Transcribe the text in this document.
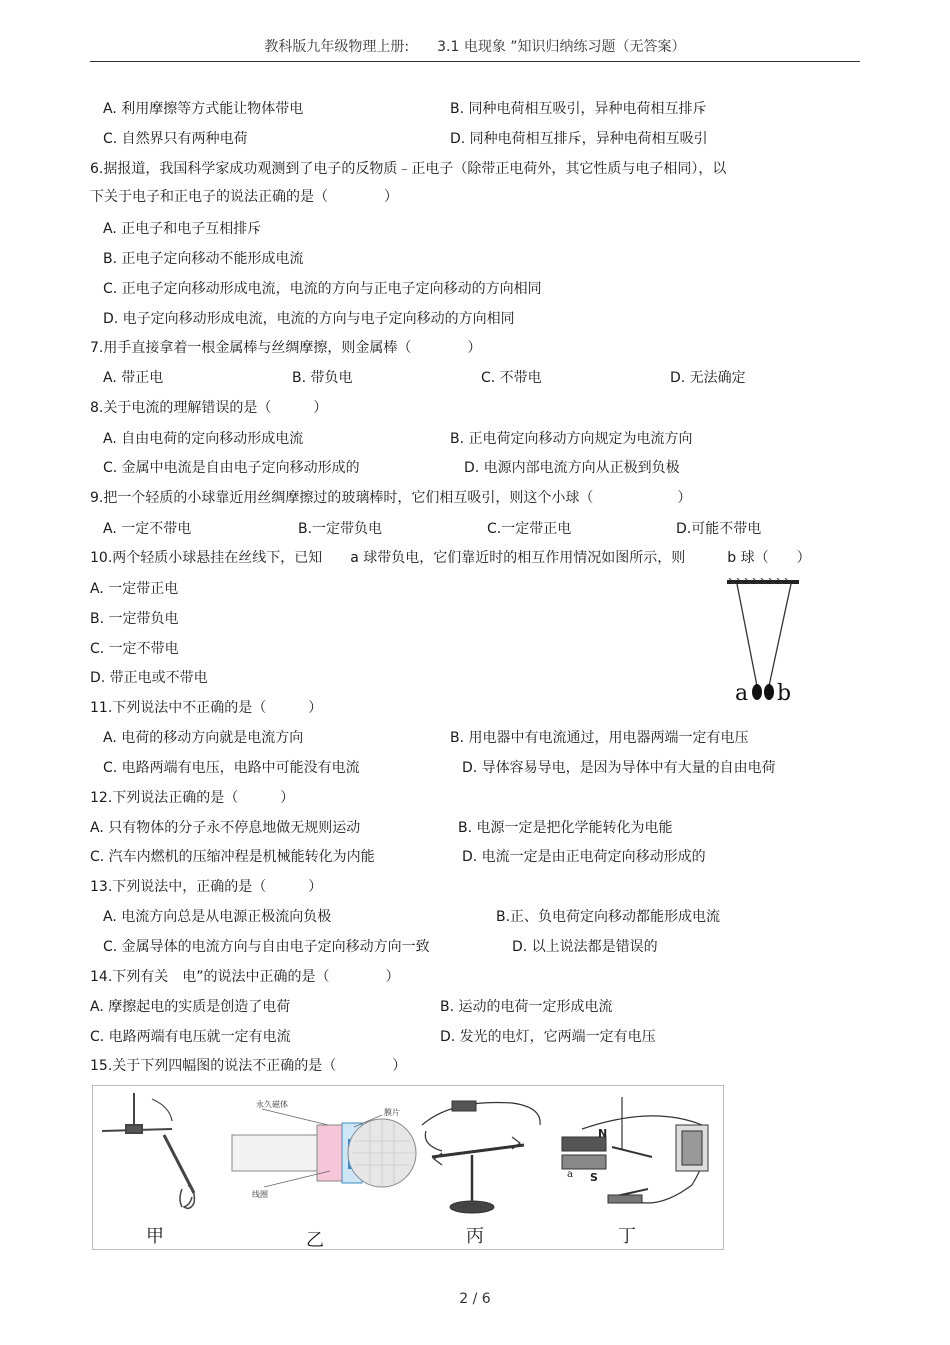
教科版九年级物理上册:　　3.1 电现象 ”知识归纳练习题（无答案）
A. 利用摩擦等方式能让物体带电	B. 同种电荷相互吸引，异种电荷相互排斥
C. 自然界只有两种电荷	D. 同种电荷相互排斥，异种电荷相互吸引
6.据报道，我国科学家成功观测到了电子的反物质﹣正电子（除带正电荷外，其它性质与电子相同），以
下关于电子和正电子的说法正确的是（　　　　）
A. 正电子和电子互相排斥
B. 正电子定向移动不能形成电流
C. 正电子定向移动形成电流，电流的方向与正电子定向移动的方向相同
D. 电子定向移动形成电流，电流的方向与电子定向移动的方向相同
7.用手直接拿着一根金属棒与丝绸摩擦，则金属棒（　　　　）
A. 带正电	B. 带负电	C. 不带电	D. 无法确定
8.关于电流的理解错误的是（　　　）
A. 自由电荷的定向移动形成电流	B. 正电荷定向移动方向规定为电流方向
C. 金属中电流是自由电子定向移动形成的	D. 电源内部电流方向从正极到负极
9.把一个轻质的小球靠近用丝绸摩擦过的玻璃棒时，它们相互吸引，则这个小球（　　　　　　）
A. 一定不带电	B.一定带负电	C.一定带正电	D.可能不带电
10.两个轻质小球悬挂在丝线下，已知　　a 球带负电，它们靠近时的相互作用情况如图所示，则　　　b 球（　　）
A. 一定带正电
B. 一定带负电
C. 一定不带电
D. 带正电或不带电
a b
11.下列说法中不正确的是（　　　）
A. 电荷的移动方向就是电流方向	B. 用电器中有电流通过，用电器两端一定有电压
C. 电路两端有电压，电路中可能没有电流	D. 导体容易导电，是因为导体中有大量的自由电荷
12.下列说法正确的是（　　　）
A. 只有物体的分子永不停息地做无规则运动	B. 电源一定是把化学能转化为电能
C. 汽车内燃机的压缩冲程是机械能转化为内能	D. 电流一定是由正电荷定向移动形成的
13.下列说法中，正确的是（　　　）
A. 电流方向总是从电源正极流向负极	B.正、负电荷定向移动都能形成电流
C. 金属导体的电流方向与自由电子定向移动方向一致	D. 以上说法都是错误的
14.下列有关　电”的说法中正确的是（　　　　）
A. 摩擦起电的实质是创造了电荷	B. 运动的电荷一定形成电流
C. 电路两端有电压就一定有电流	D. 发光的电灯，它两端一定有电压
15.关于下列四幅图的说法不正确的是（　　　　）
永久磁体
线圈
膜片
N
S
a
甲	乙	丙	丁
2 / 6
